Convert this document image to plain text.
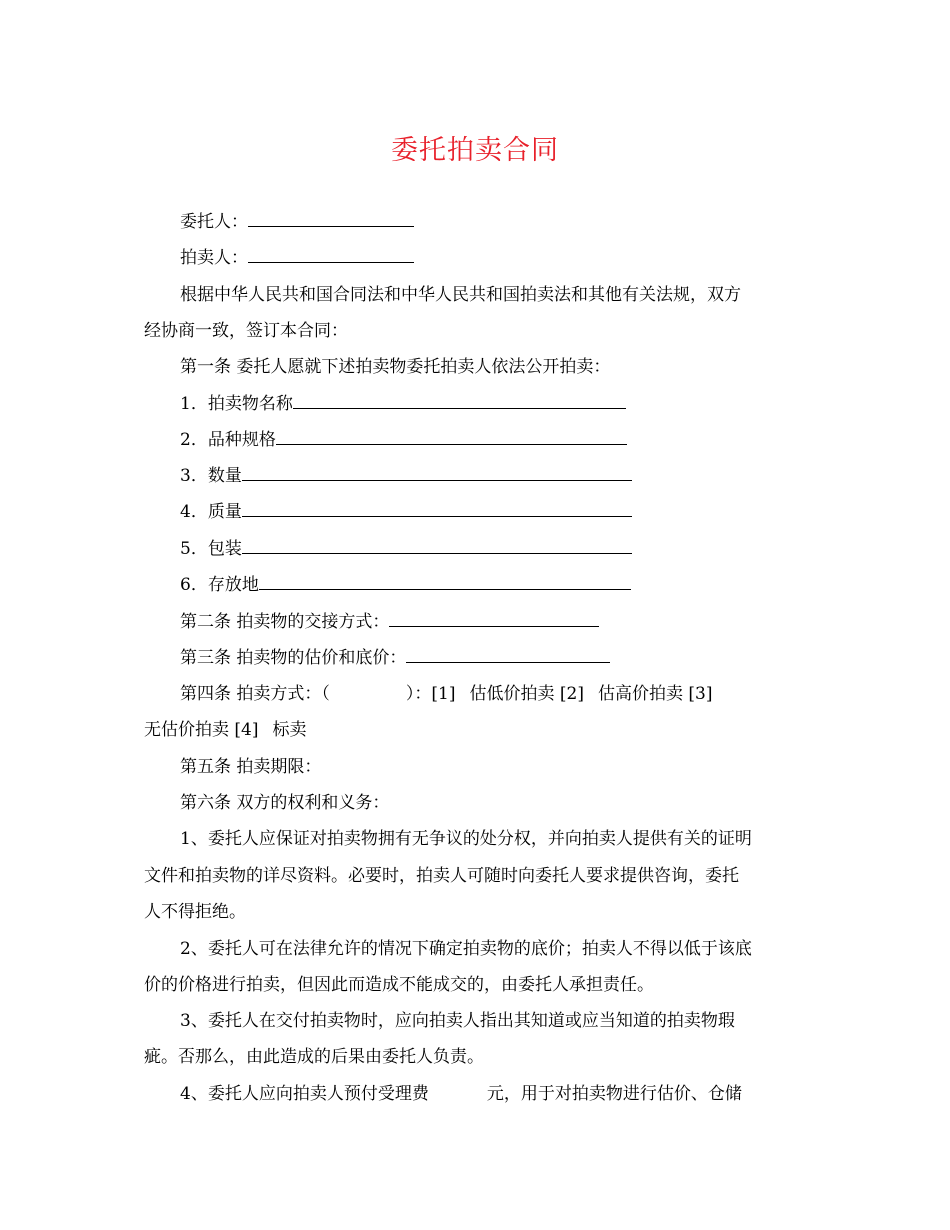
委托拍卖合同
委托人：
拍卖人：
根据中华人民共和国合同法和中华人民共和国拍卖法和其他有关法规，双方
经协商一致，签订本合同：
第一条 委托人愿就下述拍卖物委托拍卖人依法公开拍卖：
1．拍卖物名称
2．品种规格
3．数量
4．质量
5．包装
6．存放地
第二条 拍卖物的交接方式：
第三条 拍卖物的估价和底价：
第四条 拍卖方式：（	）：[1] 估低价拍卖 [2] 估高价拍卖 [3]
无估价拍卖 [4] 标卖
第五条 拍卖期限：
第六条 双方的权利和义务：
1、委托人应保证对拍卖物拥有无争议的处分权，并向拍卖人提供有关的证明
文件和拍卖物的详尽资料。必要时，拍卖人可随时向委托人要求提供咨询，委托
人不得拒绝。
2、委托人可在法律允许的情况下确定拍卖物的底价；拍卖人不得以低于该底
价的价格进行拍卖，但因此而造成不能成交的，由委托人承担责任。
3、委托人在交付拍卖物时，应向拍卖人指出其知道或应当知道的拍卖物瑕
疵。否那么，由此造成的后果由委托人负责。
4、委托人应向拍卖人预付受理费	元，用于对拍卖物进行估价、仓储
